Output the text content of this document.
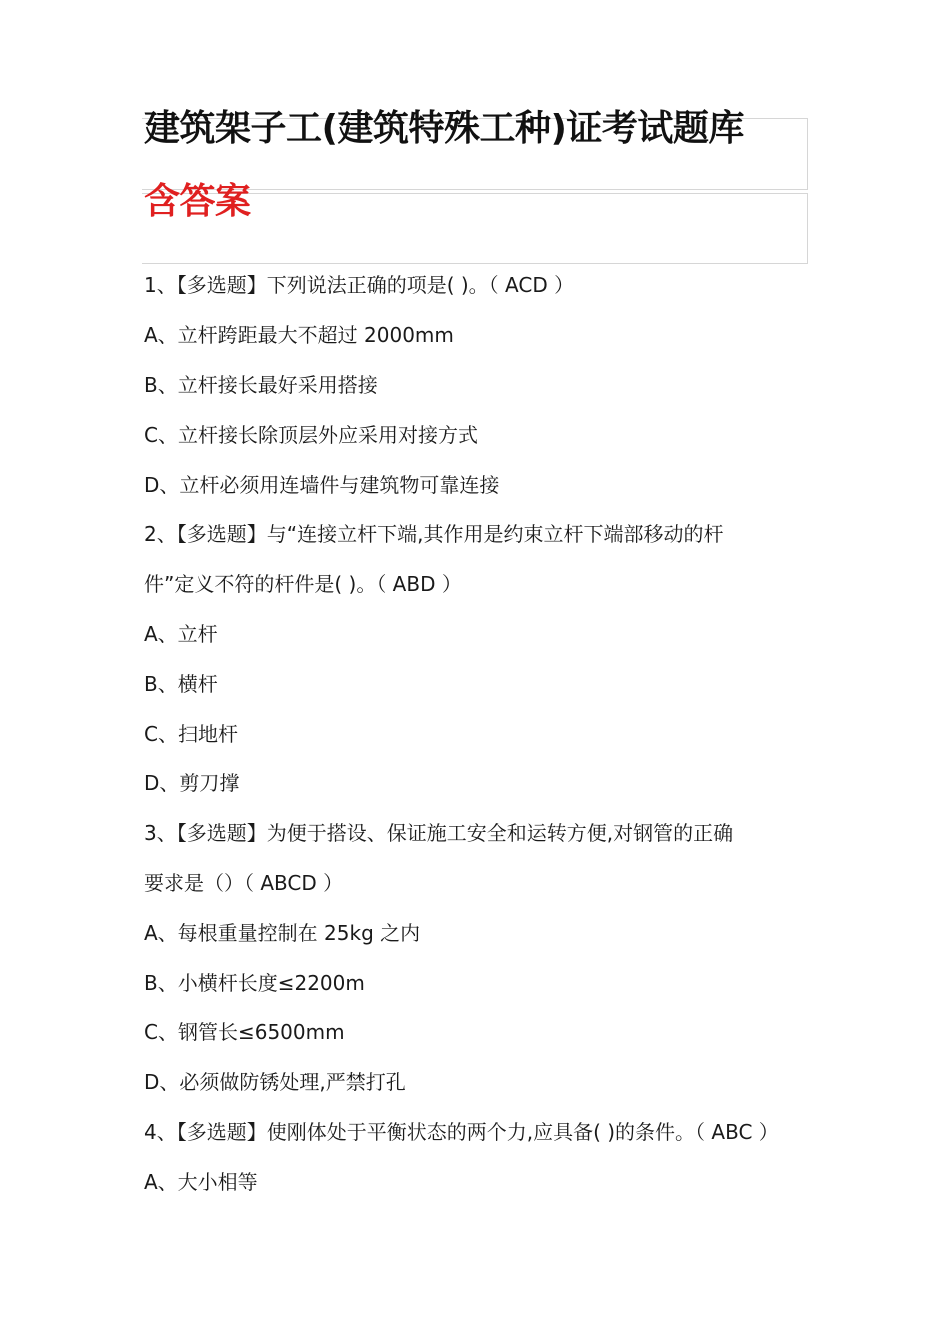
建筑架子工(建筑特殊工种)证考试题库
含答案
1、【多选题】下列说法正确的项是( )。（ ACD ）
A、立杆跨距最大不超过 2000mm
B、立杆接长最好采用搭接
C、立杆接长除顶层外应采用对接方式
D、立杆必须用连墙件与建筑物可靠连接
2、【多选题】与“连接立杆下端,其作用是约束立杆下端部移动的杆
件”定义不符的杆件是( )。（ ABD ）
A、立杆
B、横杆
C、扫地杆
D、剪刀撑
3、【多选题】为便于搭设、保证施工安全和运转方便,对钢管的正确
要求是（）（ ABCD ）
A、每根重量控制在 25kg 之内
B、小横杆长度≤2200m
C、钢管长≤6500mm
D、必须做防锈处理,严禁打孔
4、【多选题】使刚体处于平衡状态的两个力,应具备( )的条件。（ ABC ）
A、大小相等
